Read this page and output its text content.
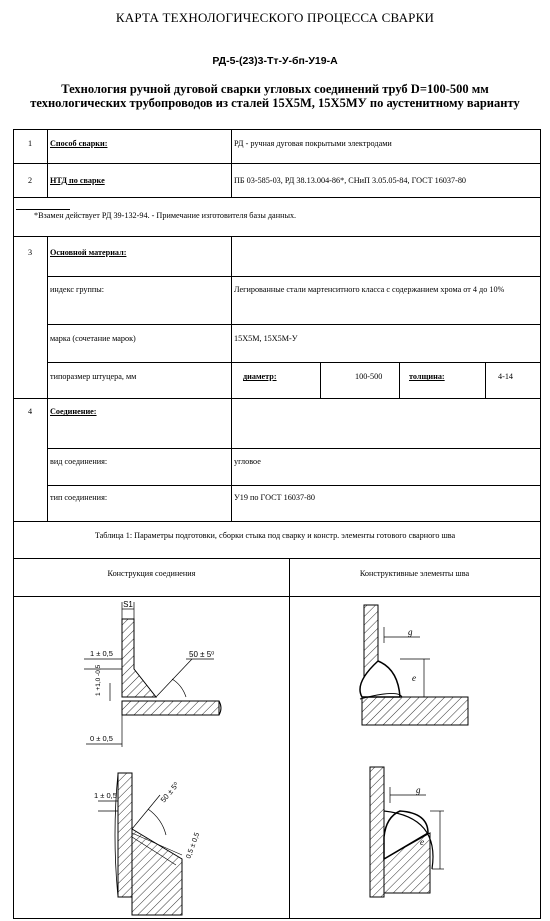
КАРТА ТЕХНОЛОГИЧЕСКОГО ПРОЦЕССА СВАРКИ
РД-5-(23)3-Тт-У-бп-У19-А
Технология ручной дуговой сварки угловых соединений труб D=100-500 мм технологических трубопроводов из сталей 15Х5М, 15Х5МУ по аустенитному варианту
1 Способ сварки:	РД - ручная дуговая покрытыми электродами
2 НТД по сварке	ПБ 03-585-03, РД 38.13.004-86*, СНиП 3.05.05-84, ГОСТ 16037-80
*Взамен действует РД 39-132-94. - Примечание изготовителя базы данных.
3 Основной материал:
индекс группы:	Легированные стали мартенситного класса с содержанием хрома от 4 до 10%
марка (сочетание марок)	15Х5М, 15Х5М-У
типоразмер штуцера, мм	диаметр:	100-500	толщина:	4-14
4 Соединение:
вид соединения:	угловое
тип соединения:	У19 по ГОСТ 16037-80
Таблица 1: Параметры подготовки, сборки стыка под сварку и констр. элементы готового сварного шва
Конструкция соединения	Конструктивные элементы шва
S1
50 ± 5⁰
1 ± 0,5
1 +1,0 -0,5
0 ± 0,5
50 ± 5⁰
1 ± 0,5
0,5 ± 0,5
g
e
g
e
